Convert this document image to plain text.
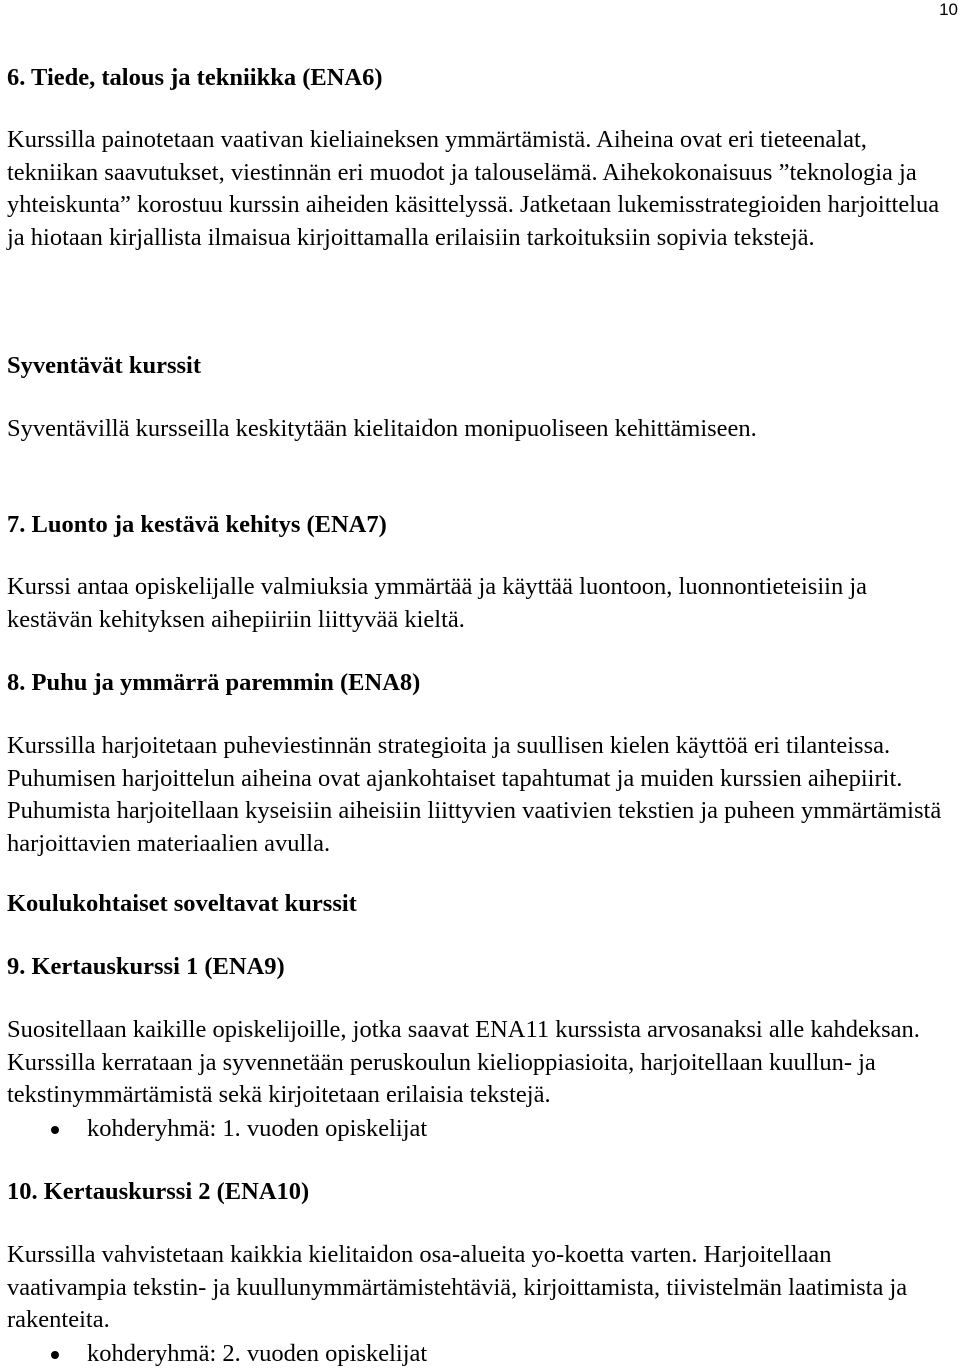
10
6. Tiede, talous ja tekniikka (ENA6)

Kurssilla painotetaan vaativan kieliaineksen ymmärtämistä. Aiheina ovat eri tieteenalat, tekniikan saavutukset, viestinnän eri muodot ja talouselämä. Aihekokonaisuus ”teknologia ja yhteiskunta” korostuu kurssin aiheiden käsittelyssä. Jatketaan lukemisstrategioiden harjoittelua ja hiotaan kirjallista ilmaisua kirjoittamalla erilaisiin tarkoituksiin sopivia tekstejä.

Syventävät kurssit

Syventävillä kursseilla keskitytään kielitaidon monipuoliseen kehittämiseen.

7. Luonto ja kestävä kehitys (ENA7)

Kurssi antaa opiskelijalle valmiuksia ymmärtää ja käyttää luontoon, luonnontieteisiin ja kestävän kehityksen aihepiiriin liittyvää kieltä.

8. Puhu ja ymmärrä paremmin (ENA8)

Kurssilla harjoitetaan puheviestinnän strategioita ja suullisen kielen käyttöä eri tilanteissa. Puhumisen harjoittelun aiheina ovat ajankohtaiset tapahtumat ja muiden kurssien aihepiirit. Puhumista harjoitellaan kyseisiin aiheisiin liittyvien vaativien tekstien ja puheen ymmärtämistä harjoittavien materiaalien avulla.

Koulukohtaiset soveltavat kurssit
9. Kertauskurssi 1 (ENA9)

Suositellaan kaikille opiskelijoille, jotka saavat ENA11 kurssista arvosanaksi alle kahdeksan. Kurssilla kerrataan ja syvennetään peruskoulun kielioppiasioita, harjoitellaan kuullun- ja tekstinymmärtämistä sekä kirjoitetaan erilaisia tekstejä.

kohderyhmä: 1. vuoden opiskelijat
10. Kertauskurssi 2 (ENA10)

Kurssilla vahvistetaan kaikkia kielitaidon osa-alueita yo-koetta varten. Harjoitellaan vaativampia tekstin- ja kuullunymmärtämistehtäviä, kirjoittamista, tiivistelmän laatimista ja rakenteita.

kohderyhmä: 2. vuoden opiskelijat
